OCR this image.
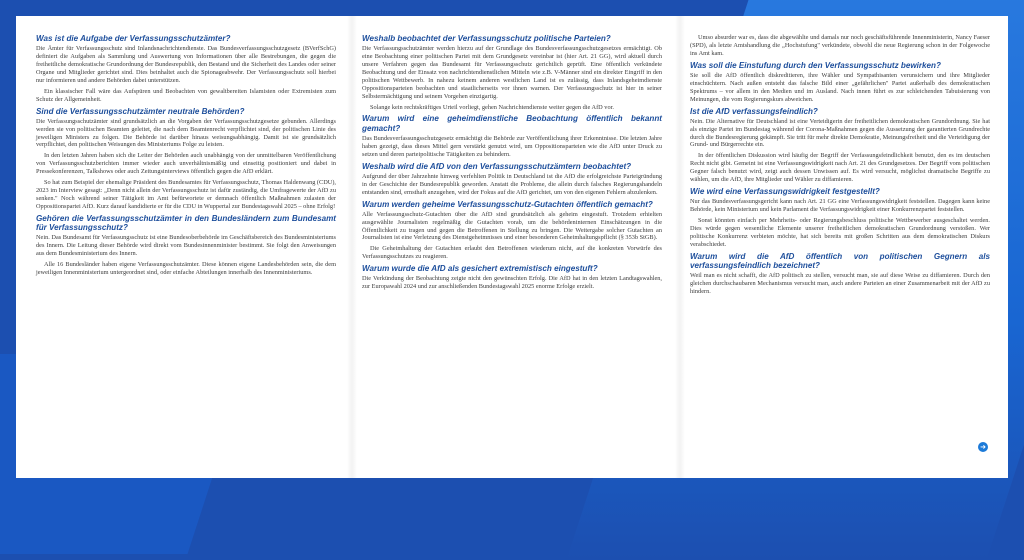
Was ist die Aufgabe der Verfassungsschutzämter?
Die Ämter für Verfassungsschutz sind Inlandsnachrichtendienste. Das Bundesverfassungsschutzgesetz (BVerfSchG) definiert die Aufgaben als Sammlung und Auswertung von Informationen über alle Bestrebungen, die gegen die freiheitliche demokratische Grundordnung der Bundesrepublik, den Bestand und die Sicherheit des Landes oder seiner Organe und Mitglieder gerichtet sind. Dies beinhaltet auch die Spionageabwehr. Der Verfassungsschutz soll hierbei nur informieren und andere Behörden dabei unterstützen.
Ein klassischer Fall wäre das Aufspüren und Beobachten von gewaltbereiten Islamisten oder Extremisten zum Schutz der Allgemeinheit.
Sind die Verfassungsschutzämter neutrale Behörden?
Die Verfassungsschutzämter sind grundsätzlich an die Vorgaben der Verfassungsschutzgesetze gebunden. Allerdings werden sie von politischen Beamten geleitet, die nach dem Beamtenrecht verpflichtet sind, der politischen Linie des jeweiligen Ministers zu folgen. Die Behörde ist darüber hinaus weisungsabhängig. Damit ist sie grundsätzlich verpflichtet, den politischen Weisungen des Ministeriums Folge zu leisten.
In den letzten Jahren haben sich die Leiter der Behörden auch unabhängig von der unmittelbaren Veröffentlichung von Verfassungsschutzberichten immer wieder auch unverhältnismäßig und einseitig positioniert und dabei in Pressekonferenzen, Talkshows oder auch Zeitungsinterviews öffentlich gegen die AfD erklärt.
So hat zum Beispiel der ehemalige Präsident des Bundesamtes für Verfassungsschutz, Thomas Haldenwang (CDU), 2023 im Interview gesagt: „Denn nicht allein der Verfassungsschutz ist dafür zuständig, die Umfragewerte der AfD zu senken." Noch während seiner Tätigkeit im Amt befürwortete er demnach öffentlich Maßnahmen zulasten der Oppositionspartei AfD. Kurz darauf kandidierte er für die CDU in Wuppertal zur Bundestagswahl 2025 – ohne Erfolg!
Gehören die Verfassungsschutzämter in den Bundesländern zum Bundesamt für Verfassungsschutz?
Nein. Das Bundesamt für Verfassungsschutz ist eine Bundesoberbehörde im Geschäftsbereich des Bundesministeriums des Innern. Die Leitung dieser Behörde wird direkt vom Bundesinnenminister bestimmt. Sie folgt den Anweisungen aus dem Bundesministerium des Innern.
Alle 16 Bundesländer haben eigene Verfassungsschutzämter. Diese können eigene Landesbehörden sein, die dem jeweiligen Innenministerium untergeordnet sind, oder einfache Abteilungen innerhalb des Innenministeriums.
Weshalb beobachtet der Verfassungsschutz politische Parteien?
Die Verfassungsschutzämter werden hierzu auf der Grundlage des Bundesverfassungsschutzgesetzes ermächtigt. Ob eine Beobachtung einer politischen Partei mit dem Grundgesetz vereinbar ist (hier Art. 21 GG), wird aktuell durch unsere Verfahren gegen das Bundesamt für Verfassungsschutz gerichtlich geprüft. Eine öffentlich verkündete Beobachtung und der Einsatz von nachrichtendienstlichen Mitteln wie z.B. V-Männer sind ein direkter Eingriff in den politischen Wettbewerb. In nahezu keinem anderen westlichen Land ist es zulässig, dass Inlandsgeheimdienste Oppositionsparteien beobachten und staatlicherseits vor ihnen warnen. Der Verfassungsschutz ist hier in seiner Selbstermächtigung und seinem Vorgehen einzigartig.
Solange kein rechtskräftiges Urteil vorliegt, gehen Nachrichtendienste weiter gegen die AfD vor.
Warum wird eine geheimdienstliche Beobachtung öffentlich bekannt gemacht?
Das Bundesverfassungsschutzgesetz ermächtigt die Behörde zur Veröffentlichung ihrer Erkenntnisse. Die letzten Jahre haben gezeigt, dass dieses Mittel gern verstärkt genutzt wird, um Oppositionsparteien wie die AfD unter Druck zu setzen und deren parteipolitische Tätigkeiten zu behindern.
Weshalb wird die AfD von den Verfassungsschutzämtern beobachtet?
Aufgrund der über Jahrzehnte hinweg verfehlten Politik in Deutschland ist die AfD die erfolgreichste Parteigründung in der Geschichte der Bundesrepublik geworden. Anstatt die Probleme, die allein durch falsches Regierungshandeln entstanden sind, ernsthaft anzugehen, wird der Fokus auf die AfD gerichtet, um von den eigenen Fehlern abzulenken.
Warum werden geheime Verfassungsschutz-Gutachten öffentlich gemacht?
Alle Verfassungsschutz-Gutachten über die AfD sind grundsätzlich als geheim eingestuft. Trotzdem erhielten ausgewählte Journalisten regelmäßig die Gutachten vorab, um die behördeninternen Einschätzungen in die Öffentlichkeit zu tragen und gegen die Betroffenen in Stellung zu bringen. Die Weitergabe solcher Gutachten an Journalisten ist eine Verletzung des Dienstgeheimnisses und einer besonderen Geheimhaltungspflicht (§ 353b StGB).
Die Geheimhaltung der Gutachten erlaubt den Betroffenen wiederum nicht, auf die konkreten Vorwürfe des Verfassungsschutzes zu reagieren.
Warum wurde die AfD als gesichert extremistisch eingestuft?
Die Verkündung der Beobachtung zeigte nicht den gewünschten Erfolg. Die AfD hat in den letzten Landtagswahlen, zur Europawahl 2024 und zur anschließenden Bundestagswahl 2025 enorme Erfolge erzielt.
Umso absurder war es, dass die abgewählte und damals nur noch geschäftsführende Innenministerin, Nancy Faeser (SPD), als letzte Amtshandlung die „Hochstufung" verkündete, obwohl die neue Regierung schon in der Folgewoche ins Amt kam.
Was soll die Einstufung durch den Verfassungsschutz bewirken?
Sie soll die AfD öffentlich diskreditieren, ihre Wähler und Sympathisanten verunsichern und ihre Mitglieder einschüchtern. Nach außen entsteht das falsche Bild einer „gefährlichen" Partei außerhalb des demokratischen Spektrums – vor allem in den Medien und im Ausland. Nach innen führt es zur schleichenden Tabuisierung von Meinungen, die vom Regierungskurs abweichen.
Ist die AfD verfassungsfeindlich?
Nein. Die Alternative für Deutschland ist eine Verteidigerin der freiheitlichen demokratischen Grundordnung. Sie hat als einzige Partei im Bundestag während der Corona-Maßnahmen gegen die Aussetzung der garantierten Grundrechte durch die Bundesregierung gekämpft. Sie tritt für mehr direkte Demokratie, Meinungsfreiheit und die Verteidigung der Grund- und Bürgerrechte ein.
In der öffentlichen Diskussion wird häufig der Begriff der Verfassungsfeindlichkeit benutzt, den es im deutschen Recht nicht gibt. Gemeint ist eine Verfassungswidrigkeit nach Art. 21 des Grundgesetzes. Der Begriff vom politischen Gegner falsch benutzt wird, zeigt auch dessen Unwissen auf. Es wird versucht, möglichst dramatische Begriffe zu wählen, um die AfD, ihre Mitglieder und Wähler zu diffamieren.
Wie wird eine Verfassungswidrigkeit festgestellt?
Nur das Bundesverfassungsgericht kann nach Art. 21 GG eine Verfassungswidrigkeit feststellen. Dagegen kann keine Behörde, kein Ministerium und kein Parlament die Verfassungswidrigkeit einer Konkurrenzpartei feststellen.
Sonst könnten einfach per Mehrheits- oder Regierungsbeschluss politische Wettbewerber ausgeschaltet werden. Dies würde gegen wesentliche Elemente unserer freiheitlichen demokratischen Grundordnung verstoßen. Wer politische Konkurrenz verbieten möchte, hat sich bereits mit großen Schritten aus dem demokratischen Diskurs verabschiedet.
Warum wird die AfD öffentlich von politischen Gegnern als verfassungsfeindlich bezeichnet?
Weil man es nicht schafft, die AfD politisch zu stellen, versucht man, sie auf diese Weise zu diffamieren. Durch den gleichen durchschaubaren Mechanismus versucht man, auch andere Parteien an einer Zusammenarbeit mit der AfD zu hindern.
➜
